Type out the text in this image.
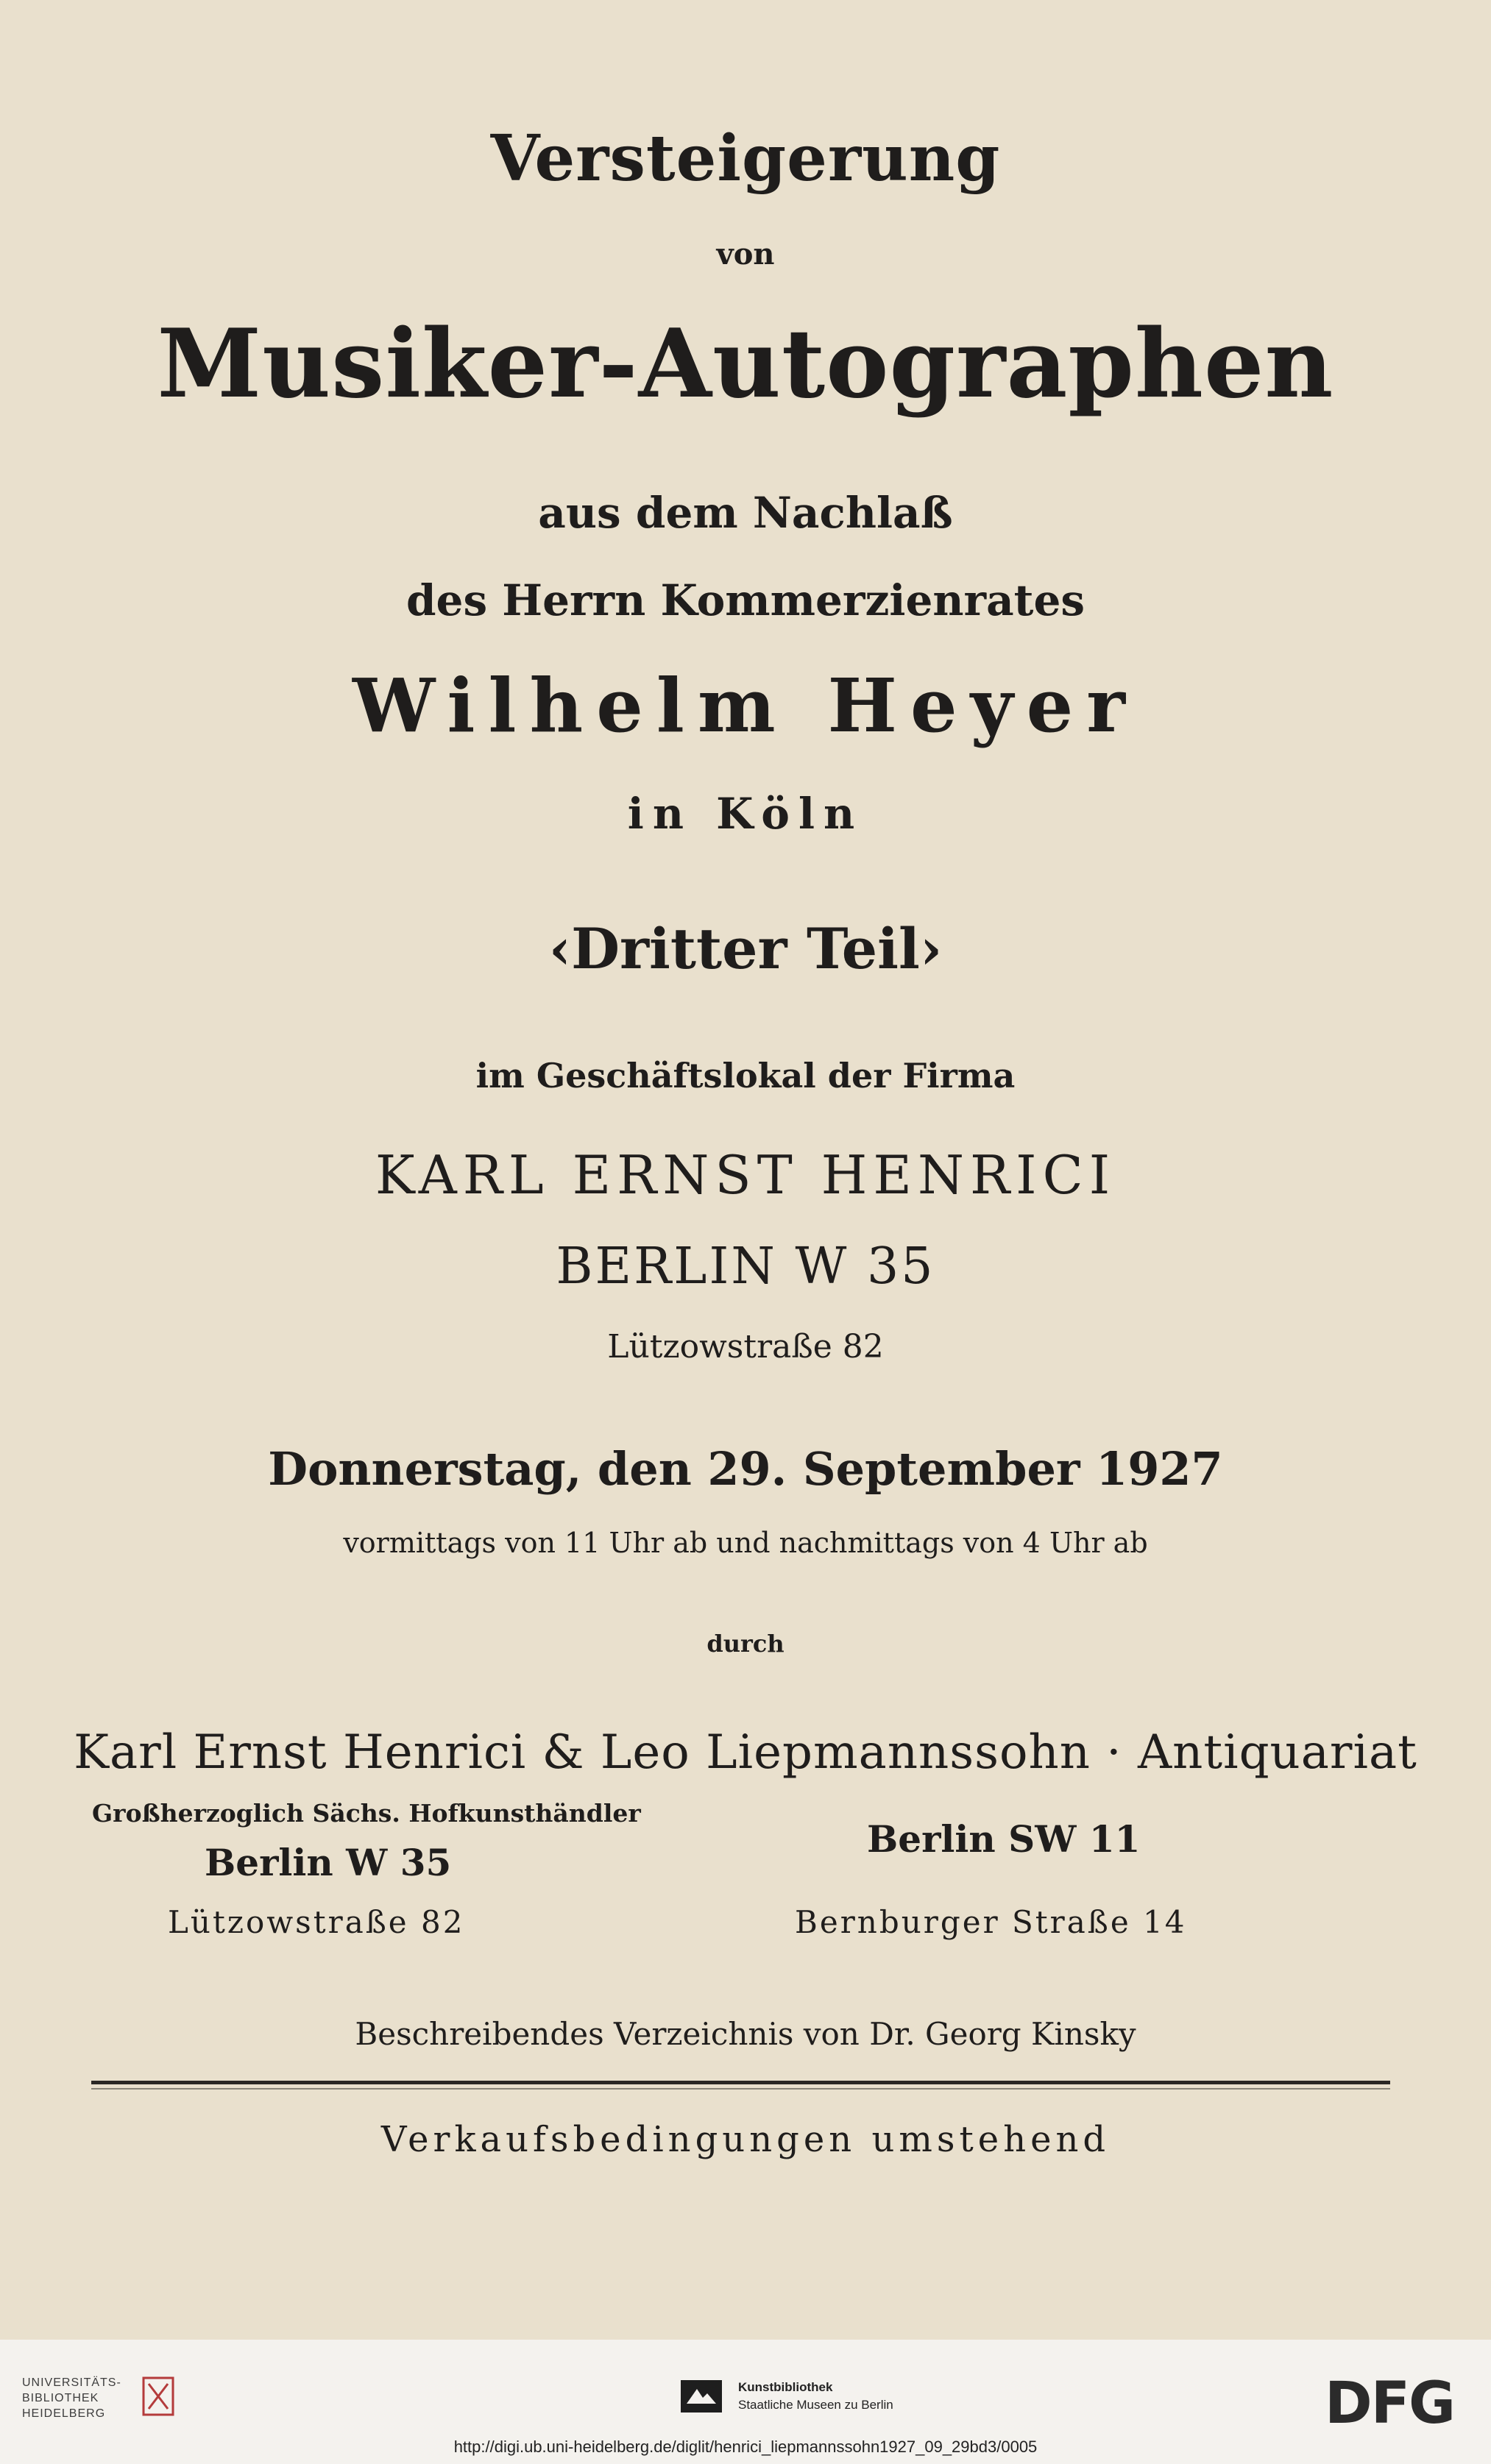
Versteigerung
von
Musiker-Autographen
aus dem Nachlaß
des Herrn Kommerzienrates
Wilhelm Heyer
in Köln
‹Dritter Teil›
im Geschäftslokal der Firma
KARL ERNST HENRICI
BERLIN W 35
Lützowstraße 82
Donnerstag, den 29. September 1927
vormittags von 11 Uhr ab und nachmittags von 4 Uhr ab
durch
Karl Ernst Henrici & Leo Liepmannssohn · Antiquariat
Großherzoglich Sächs. Hofkunsthändler
Berlin W 35
Lützowstraße 82
Berlin SW 11
Bernburger Straße 14
Beschreibendes Verzeichnis von Dr. Georg Kinsky
Verkaufsbedingungen umstehend
UNIVERSITÄTS- BIBLIOTHEK HEIDELBERG
Kunstbibliothek
Staatliche Museen zu Berlin	DFG
http://digi.ub.uni-heidelberg.de/diglit/henrici_liepmannssohn1927_09_29bd3/0005
